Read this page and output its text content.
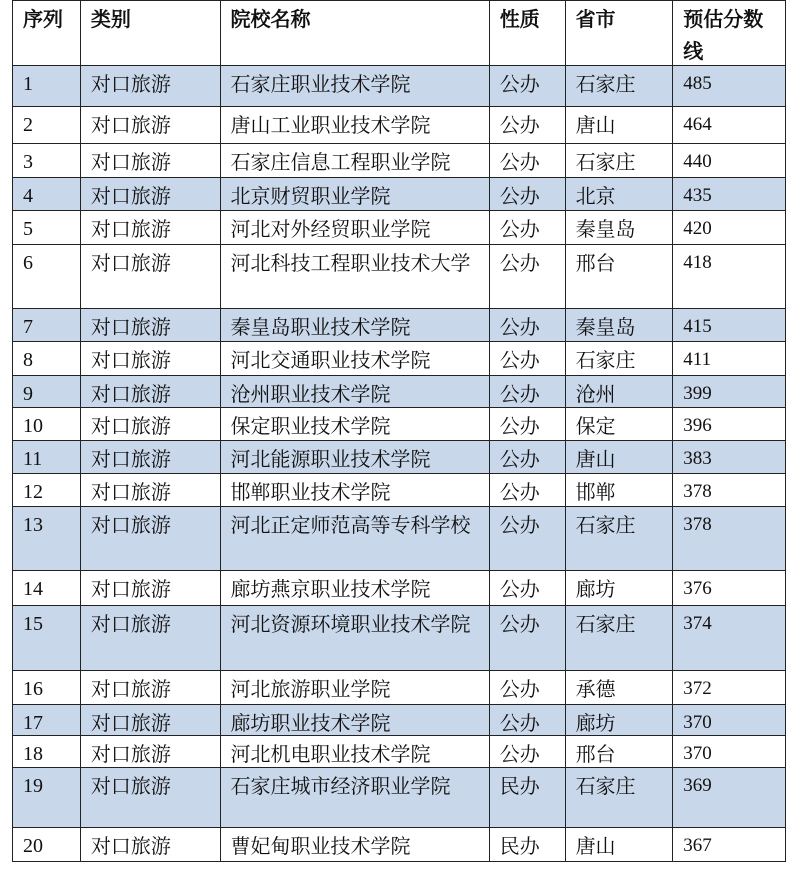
序列	类别	院校名称	性质	省市	预估分数线
1	对口旅游	石家庄职业技术学院	公办	石家庄	485
2	对口旅游	唐山工业职业技术学院	公办	唐山	464
3	对口旅游	石家庄信息工程职业学院	公办	石家庄	440
4	对口旅游	北京财贸职业学院	公办	北京	435
5	对口旅游	河北对外经贸职业学院	公办	秦皇岛	420
6	对口旅游	河北科技工程职业技术大学	公办	邢台	418
7	对口旅游	秦皇岛职业技术学院	公办	秦皇岛	415
8	对口旅游	河北交通职业技术学院	公办	石家庄	411
9	对口旅游	沧州职业技术学院	公办	沧州	399
10	对口旅游	保定职业技术学院	公办	保定	396
11	对口旅游	河北能源职业技术学院	公办	唐山	383
12	对口旅游	邯郸职业技术学院	公办	邯郸	378
13	对口旅游	河北正定师范高等专科学校	公办	石家庄	378
14	对口旅游	廊坊燕京职业技术学院	公办	廊坊	376
15	对口旅游	河北资源环境职业技术学院	公办	石家庄	374
16	对口旅游	河北旅游职业学院	公办	承德	372
17	对口旅游	廊坊职业技术学院	公办	廊坊	370
18	对口旅游	河北机电职业技术学院	公办	邢台	370
19	对口旅游	石家庄城市经济职业学院	民办	石家庄	369
20	对口旅游	曹妃甸职业技术学院	民办	唐山	367
